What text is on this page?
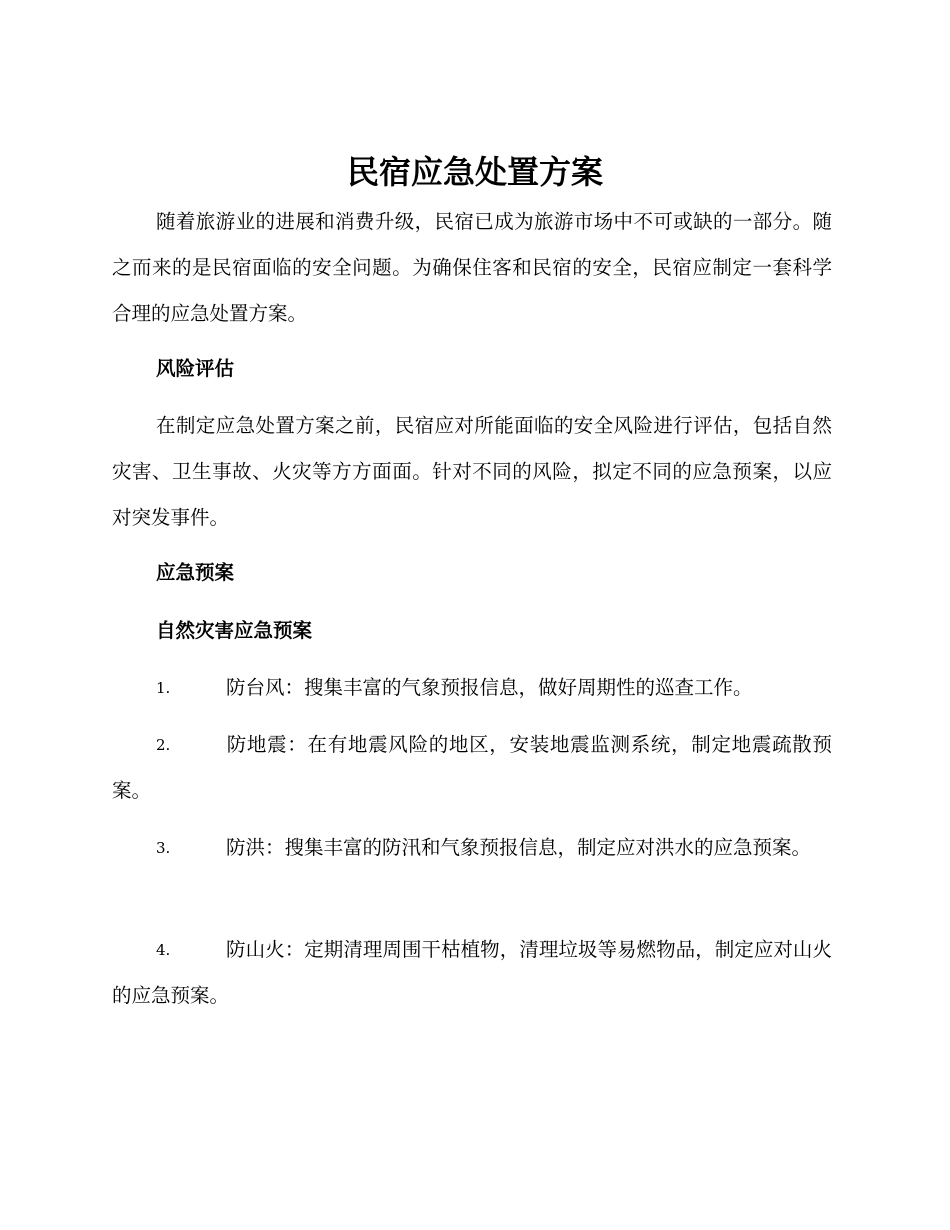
民宿应急处置方案

随着旅游业的进展和消费升级，民宿已成为旅游市场中不可或缺的一部分。随之而来的是民宿面临的安全问题。为确保住客和民宿的安全，民宿应制定一套科学合理的应急处置方案。

风险评估

在制定应急处置方案之前，民宿应对所能面临的安全风险进行评估，包括自然灾害、卫生事故、火灾等方方面面。针对不同的风险，拟定不同的应急预案，以应对突发事件。

应急预案

自然灾害应急预案

1.	防台风：搜集丰富的气象预报信息，做好周期性的巡查工作。

2.	防地震：在有地震风险的地区，安装地震监测系统，制定地震疏散预案。

3.	防洪：搜集丰富的防汛和气象预报信息，制定应对洪水的应急预案。

4.	防山火：定期清理周围干枯植物，清理垃圾等易燃物品，制定应对山火的应急预案。
